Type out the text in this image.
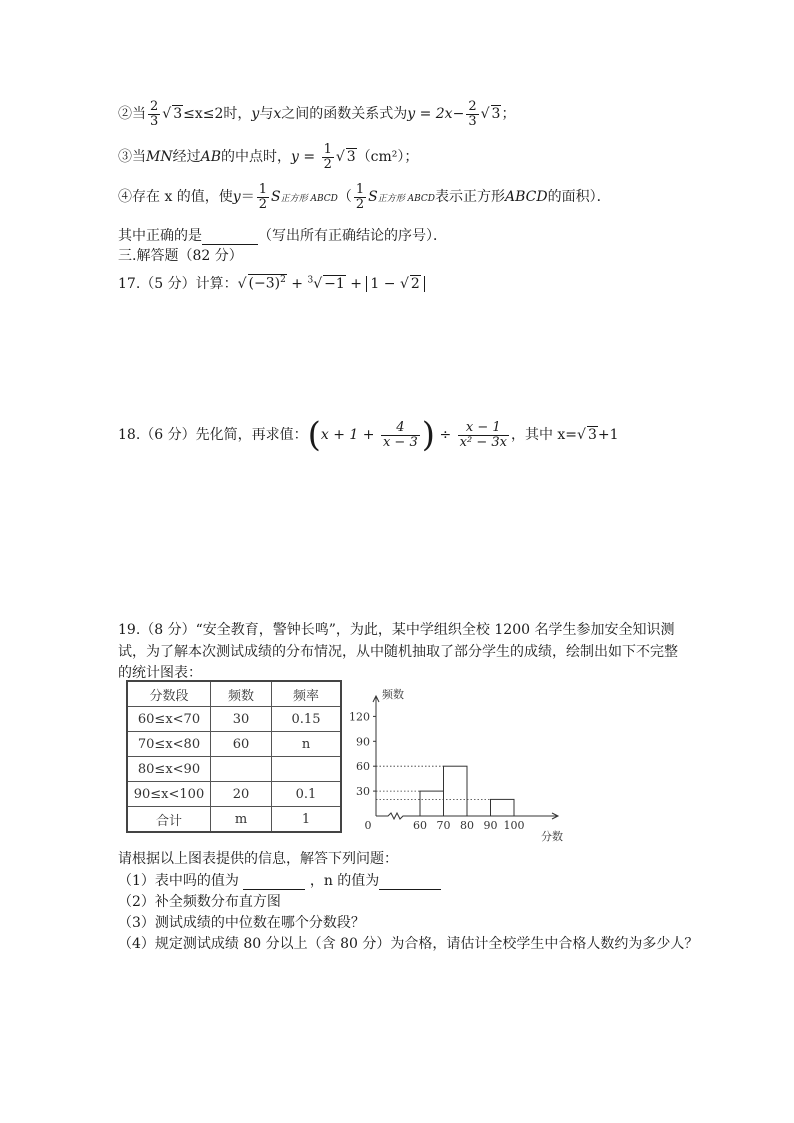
②当 $\frac{2}{3}$ √ 3≤x≤2时，y与x之间的函数关系式为$y = 2x- \frac{2}{3}$ √ 3；
③当MN经过AB的中点时，$y = \frac{1}{2}$ √ 3（cm²）；
④存在 x 的值，使$y= \frac{1}{2}$ S正方形 ABCD（ $\frac{1}{2}$ S正方形 ABCD表示正方形ABCD的面积）．
其中正确的是	（写出所有正确结论的序号）．
三.解答题（82 分）
17.（5 分）计算：√ $(-3)^2 + ^3√ -1 + 1$ − √ 2
18.（6 分）先化简，再求值：($x + 1 + \frac{4}{x - 3}$ ) ÷ $\frac{x - 1}{\text{x² − 3x}}$ ，其中 x=√ 3+1
19.（8 分）“安全教育，警钟长鸣”，为此，某中学组织全校 1200 名学生参加安全知识测
试，为了解本次测试成绩的分布情况，从中随机抽取了部分学生的成绩，绘制出如下不完整
的统计图表：
分数段	频数	频率
60≤x<70	30	0.15
70≤x<80	60	n
80≤x<90		
90≤x<100	20	0.1
合计	m	1
频数
30
60
90
120
0	60 70 80 90 100
分数
请根据以上图表提供的信息，解答下列问题：
（1）表中吗的值为	，n 的值为
（2）补全频数分布直方图
（3）测试成绩的中位数在哪个分数段？
（4）规定测试成绩 80 分以上（含 80 分）为合格，请估计全校学生中合格人数约为多少人？
